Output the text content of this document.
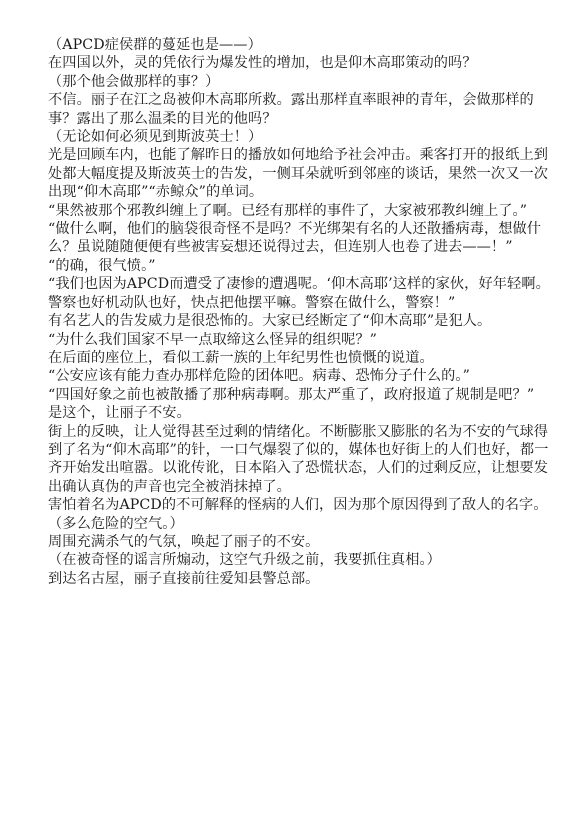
（APCD症侯群的蔓延也是——）

在四国以外，灵的凭依行为爆发性的增加，也是仰木高耶策动的吗？

（那个他会做那样的事？）

不信。丽子在江之岛被仰木高耶所救。露出那样直率眼神的青年，会做那样的事？露出了那么温柔的目光的他吗？

（无论如何必须见到斯波英士！）

光是回顾车内，也能了解昨日的播放如何地给予社会冲击。乘客打开的报纸上到处都大幅度提及斯波英士的告发，一侧耳朵就听到邻座的谈话，果然一次又一次出现“仰木高耶”“赤鲸众”的单词。

“果然被那个邪教纠缠上了啊。已经有那样的事件了，大家被邪教纠缠上了。”

“做什么啊，他们的脑袋很奇怪不是吗？不光绑架有名的人还散播病毒，想做什么？虽说随随便便有些被害妄想还说得过去，但连别人也卷了进去——！”

“的确，很气愤。”

“我们也因为APCD而遭受了凄惨的遭遇呢。‘仰木高耶’这样的家伙，好年轻啊。警察也好机动队也好，快点把他摆平嘛。警察在做什么，警察！”

有名艺人的告发威力是很恐怖的。大家已经断定了“仰木高耶”是犯人。

“为什么我们国家不早一点取缔这么怪异的组织呢？”

在后面的座位上，看似工薪一族的上年纪男性也愤慨的说道。

“公安应该有能力查办那样危险的团体吧。病毒、恐怖分子什么的。”

“四国好象之前也被散播了那种病毒啊。那太严重了，政府报道了规制是吧？”

是这个，让丽子不安。

街上的反映，让人觉得甚至过剩的情绪化。不断膨胀又膨胀的名为不安的气球得到了名为“仰木高耶”的针，一口气爆裂了似的，媒体也好街上的人们也好，都一齐开始发出喧嚣。以讹传讹，日本陷入了恐慌状态，人们的过剩反应，让想要发出确认真伪的声音也完全被消抹掉了。

害怕着名为APCD的不可解释的怪病的人们，因为那个原因得到了敌人的名字。

（多么危险的空气。）

周围充满杀气的气氛，唤起了丽子的不安。

（在被奇怪的谣言所煽动，这空气升级之前，我要抓住真相。）

到达名古屋，丽子直接前往爱知县警总部。
